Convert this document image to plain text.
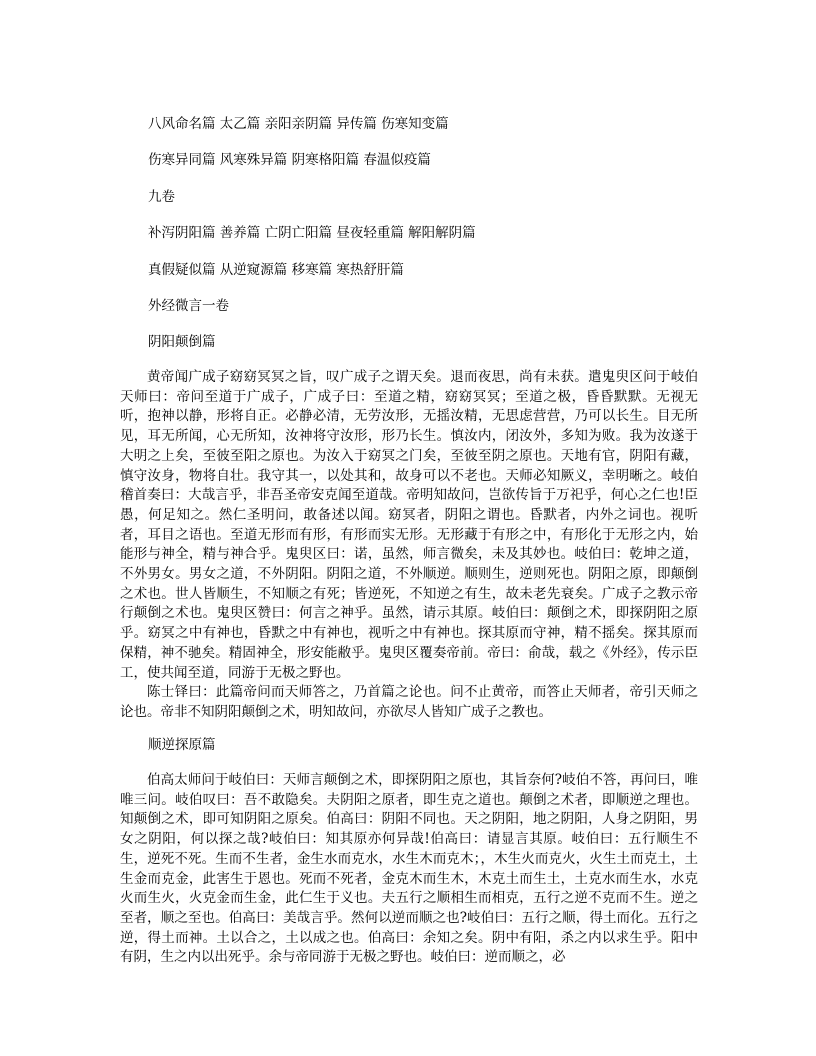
八风命名篇 太乙篇 亲阳亲阴篇 异传篇 伤寒知变篇
伤寒异同篇 风寒殊异篇 阴寒格阳篇 春温似疫篇
九卷
补泻阴阳篇 善养篇 亡阴亡阳篇 昼夜轻重篇 解阳解阴篇
真假疑似篇 从逆窥源篇 移寒篇 寒热舒肝篇
外经微言一卷
阴阳颠倒篇

黄帝闻广成子窈窈冥冥之旨，叹广成子之谓天矣。退而夜思，尚有未获。遣鬼臾区问于岐伯天师曰：帝问至道于广成子，广成子曰：至道之精，窈窈冥冥；至道之极，昏昏默默。无视无听，抱神以静，形将自正。必静必清，无劳汝形，无摇汝精，无思虑营营，乃可以长生。目无所见，耳无所闻，心无所知，汝神将守汝形，形乃长生。慎汝内，闭汝外，多知为败。我为汝遂于大明之上矣，至彼至阳之原也。为汝入于窈冥之门矣，至彼至阴之原也。天地有官，阴阳有藏，慎守汝身，物将自壮。我守其一，以处其和，故身可以不老也。天师必知厥义，幸明晰之。岐伯稽首奏曰：大哉言乎，非吾圣帝安克闻至道哉。帝明知故问，岂欲传旨于万祀乎，何心之仁也!臣愚，何足知之。然仁圣明问，敢备述以闻。窈冥者，阴阳之谓也。昏默者，内外之词也。视听者，耳目之语也。至道无形而有形，有形而实无形。无形藏于有形之中，有形化于无形之内，始能形与神全，精与神合乎。鬼臾区曰：诺，虽然，师言微矣，未及其妙也。岐伯曰：乾坤之道，不外男女。男女之道，不外阴阳。阴阳之道，不外顺逆。顺则生，逆则死也。阴阳之原，即颠倒之术也。世人皆顺生，不知顺之有死；皆逆死，不知逆之有生，故未老先衰矣。广成子之教示帝行颠倒之术也。鬼臾区赞曰：何言之神乎。虽然，请示其原。岐伯曰：颠倒之术，即探阴阳之原乎。窈冥之中有神也，昏默之中有神也，视听之中有神也。探其原而守神，精不摇矣。探其原而保精，神不驰矣。精固神全，形安能敝乎。鬼臾区覆奏帝前。帝曰：俞哉，载之《外经》，传示臣工，使共闻至道，同游于无极之野也。

陈士铎曰：此篇帝问而天师答之，乃首篇之论也。问不止黄帝，而答止天师者，帝引天师之论也。帝非不知阴阳颠倒之术，明知故问，亦欲尽人皆知广成子之教也。

顺逆探原篇

伯高太师问于岐伯曰：天师言颠倒之术，即探阴阳之原也，其旨奈何?岐伯不答，再问曰，唯唯三问。岐伯叹曰：吾不敢隐矣。夫阴阳之原者，即生克之道也。颠倒之术者，即顺逆之理也。知颠倒之术，即可知阴阳之原矣。伯高曰：阴阳不同也。天之阴阳，地之阴阳，人身之阴阳，男女之阴阳，何以探之哉?岐伯曰：知其原亦何异哉!伯高曰：请显言其原。岐伯曰：五行顺生不生，逆死不死。生而不生者，金生水而克水，水生木而克木；，木生火而克火，火生土而克土，土生金而克金，此害生于恩也。死而不死者，金克木而生木，木克土而生土，土克水而生水，水克火而生火，火克金而生金，此仁生于义也。夫五行之顺相生而相克，五行之逆不克而不生。逆之至者，顺之至也。伯高曰：美哉言乎。然何以逆而顺之也?岐伯曰：五行之顺，得土而化。五行之逆，得土而神。土以合之，土以成之也。伯高曰：余知之矣。阴中有阳，杀之内以求生乎。阳中有阴，生之内以出死乎。余与帝同游于无极之野也。岐伯曰：逆而顺之，必
